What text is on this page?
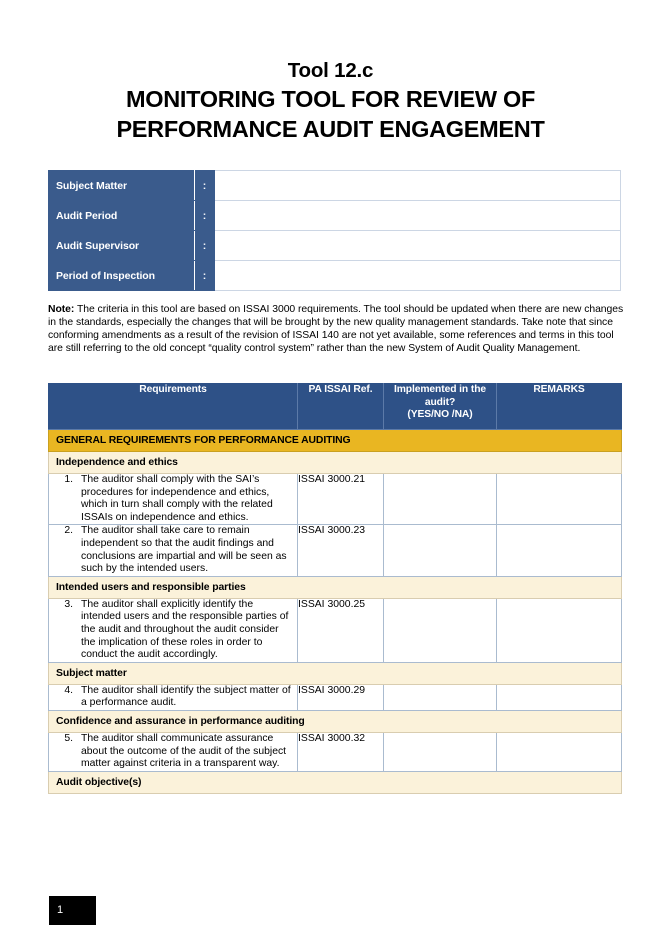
Tool 12.c
MONITORING TOOL FOR REVIEW OF
PERFORMANCE AUDIT ENGAGEMENT
Subject Matter	:	
Audit Period	:	
Audit Supervisor	:	
Period of Inspection	:	
Note: The criteria in this tool are based on ISSAI 3000 requirements. The tool should be updated when there are new changes in the standards, especially the changes that will be brought by the new quality management standards. Take note that since conforming amendments as a result of the revision of ISSAI 140 are not yet available, some references and terms in this tool are still referring to the old concept “quality control system” rather than the new System of Audit Quality Management.
Requirements	PA ISSAI Ref.	Implemented in the
audit?
(YES/NO /NA)	REMARKS
GENERAL REQUIREMENTS FOR PERFORMANCE AUDITING			
Independence and ethics			

1. The auditor shall comply with the SAI’s procedures for independence and ethics, which in turn shall comply with the related ISSAIs on independence and ethics.	ISSAI 3000.21		

2. The auditor shall take care to remain independent so that the audit findings and conclusions are impartial and will be seen as such by the intended users.	ISSAI 3000.23		
Intended users and responsible parties			

3. The auditor shall explicitly identify the intended users and the responsible parties of the audit and throughout the audit consider the implication of these roles in order to conduct the audit accordingly.	ISSAI 3000.25		
Subject matter			

4. The auditor shall identify the subject matter of a performance audit.	ISSAI 3000.29		
Confidence and assurance in performance auditing			

5. The auditor shall communicate assurance about the outcome of the audit of the subject matter against criteria in a transparent way.	ISSAI 3000.32		
Audit objective(s)			
1
